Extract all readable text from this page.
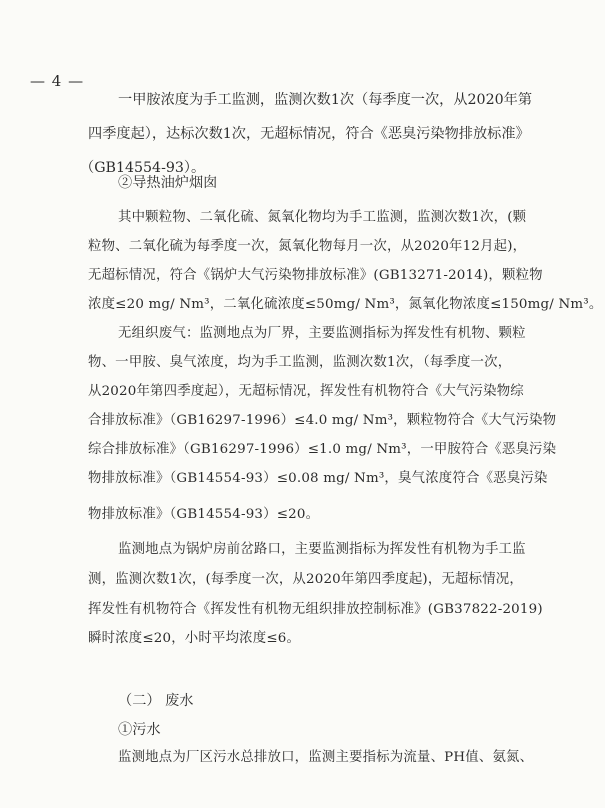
— 4 —
一甲胺浓度为手工监测，监测次数1次（每季度一次，从2020年第
四季度起），达标次数1次，无超标情况，符合《恶臭污染物排放标准》
（GB14554-93）。
②导热油炉烟囱
其中颗粒物、二氧化硫、氮氧化物均为手工监测，监测次数1次，(颗
粒物、二氧化硫为每季度一次，氮氧化物每月一次，从2020年12月起)，
无超标情况，符合《锅炉大气污染物排放标准》(GB13271-2014)，颗粒物
浓度≤20 mg/ Nm³，二氧化硫浓度≤50mg/ Nm³，氮氧化物浓度≤150mg/ Nm³。
无组织废气：监测地点为厂界，主要监测指标为挥发性有机物、颗粒
物、一甲胺、臭气浓度，均为手工监测，监测次数1次，（每季度一次，
从2020年第四季度起），无超标情况，挥发性有机物符合《大气污染物综
合排放标准》（GB16297-1996）≤4.0 mg/ Nm³，颗粒物符合《大气污染物
综合排放标准》（GB16297-1996）≤1.0 mg/ Nm³，一甲胺符合《恶臭污染
物排放标准》（GB14554-93）≤0.08 mg/ Nm³，臭气浓度符合《恶臭污染
物排放标准》（GB14554-93）≤20。
监测地点为锅炉房前岔路口，主要监测指标为挥发性有机物为手工监
测，监测次数1次，(每季度一次，从2020年第四季度起)，无超标情况，
挥发性有机物符合《挥发性有机物无组织排放控制标准》(GB37822-2019)
瞬时浓度≤20，小时平均浓度≤6。
（二） 废水
①污水
监测地点为厂区污水总排放口，监测主要指标为流量、PH值、氨氮、
